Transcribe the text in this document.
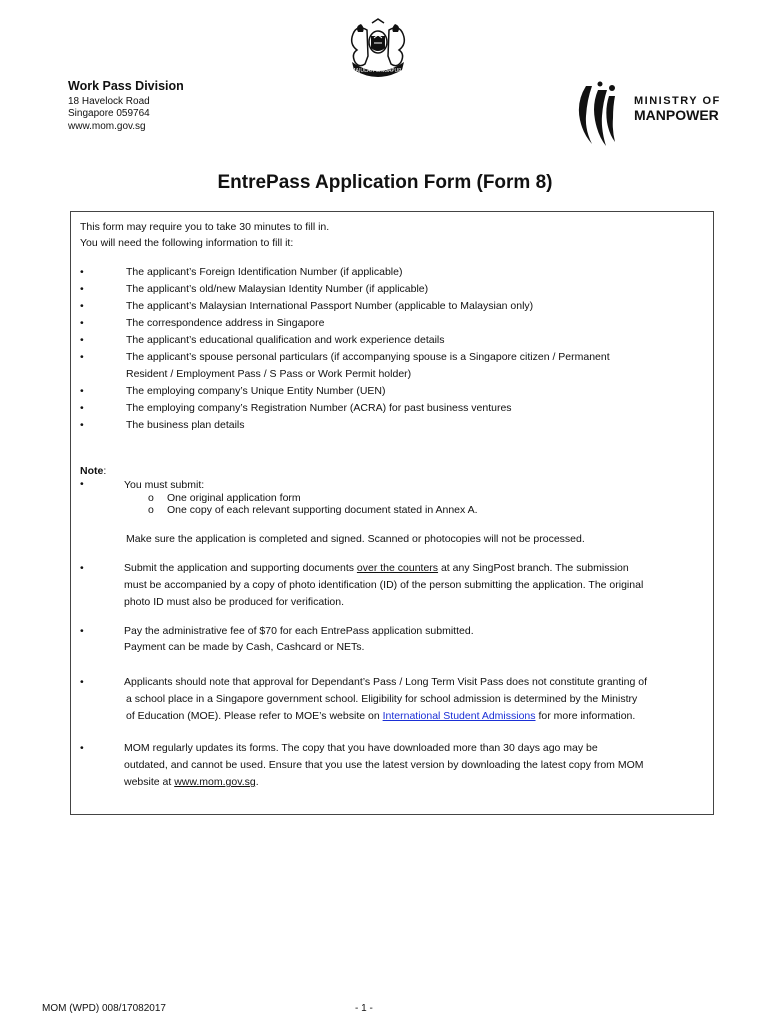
MAJULAH SINGAPURA
Work Pass Division
18 Havelock Road
Singapore 059764
www.mom.gov.sg
MINISTRY OF
MANPOWER
EntrePass Application Form (Form 8)
This form may require you to take 30 minutes to fill in.
You will need the following information to fill it:
•	The applicant’s Foreign Identification Number (if applicable)
•	The applicant’s old/new Malaysian Identity Number (if applicable)
•	The applicant’s Malaysian International Passport Number (applicable to Malaysian only)
•	The correspondence address in Singapore
•	The applicant’s educational qualification and work experience details
•	The applicant’s spouse personal particulars (if accompanying spouse is a Singapore citizen / Permanent
Resident / Employment Pass / S Pass or Work Permit holder)
•	The employing company’s Unique Entity Number (UEN)
•	The employing company’s Registration Number (ACRA) for past business ventures
•	The business plan details
Note:
•	You must submit:
o One original application form
o One copy of each relevant supporting document stated in Annex A.
Make sure the application is completed and signed. Scanned or photocopies will not be processed.
•	Submit the application and supporting documents over the counters at any SingPost branch. The submission
must be accompanied by a copy of photo identification (ID) of the person submitting the application. The original
photo ID must also be produced for verification.
•	Pay the administrative fee of $70 for each EntrePass application submitted.
Payment can be made by Cash, Cashcard or NETs.
•	Applicants should note that approval for Dependant’s Pass / Long Term Visit Pass does not constitute granting of
a school place in a Singapore government school. Eligibility for school admission is determined by the Ministry
of Education (MOE). Please refer to MOE’s website on International Student Admissions for more information.
•	MOM regularly updates its forms. The copy that you have downloaded more than 30 days ago may be
outdated, and cannot be used. Ensure that you use the latest version by downloading the latest copy from MOM
website at www.mom.gov.sg.
MOM (WPD) 008/17082017	- 1 -
